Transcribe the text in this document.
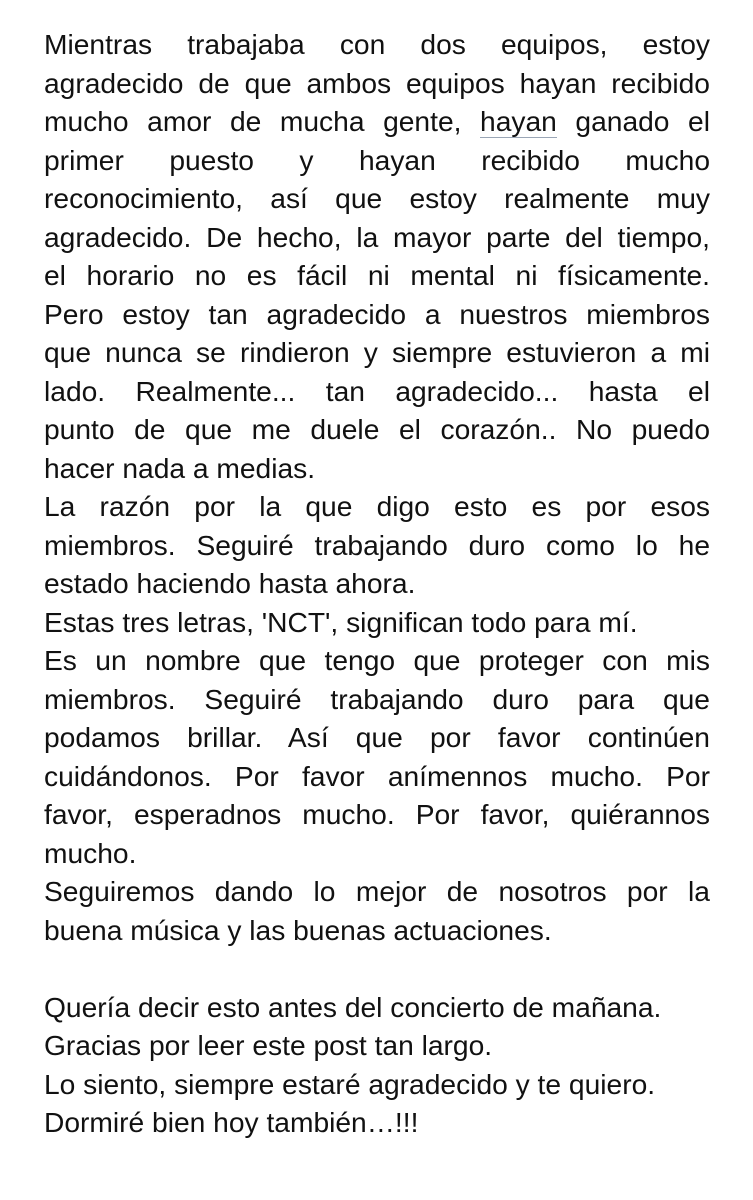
Mientras trabajaba con dos equipos, estoy
agradecido de que ambos equipos hayan recibido
mucho amor de mucha gente, hayan ganado el
primer puesto y hayan recibido mucho
reconocimiento, así que estoy realmente muy
agradecido. De hecho, la mayor parte del tiempo,
el horario no es fácil ni mental ni físicamente.
Pero estoy tan agradecido a nuestros miembros
que nunca se rindieron y siempre estuvieron a mi
lado. Realmente... tan agradecido... hasta el
punto de que me duele el corazón.. No puedo
hacer nada a medias.
La razón por la que digo esto es por esos
miembros. Seguiré trabajando duro como lo he
estado haciendo hasta ahora.
Estas tres letras, 'NCT', significan todo para mí.
Es un nombre que tengo que proteger con mis
miembros. Seguiré trabajando duro para que
podamos brillar. Así que por favor continúen
cuidándonos. Por favor anímennos mucho. Por
favor, esperadnos mucho. Por favor, quiérannos
mucho.
Seguiremos dando lo mejor de nosotros por la
buena música y las buenas actuaciones.
Quería decir esto antes del concierto de mañana.
Gracias por leer este post tan largo.
Lo siento, siempre estaré agradecido y te quiero.
Dormiré bien hoy también…!!!
